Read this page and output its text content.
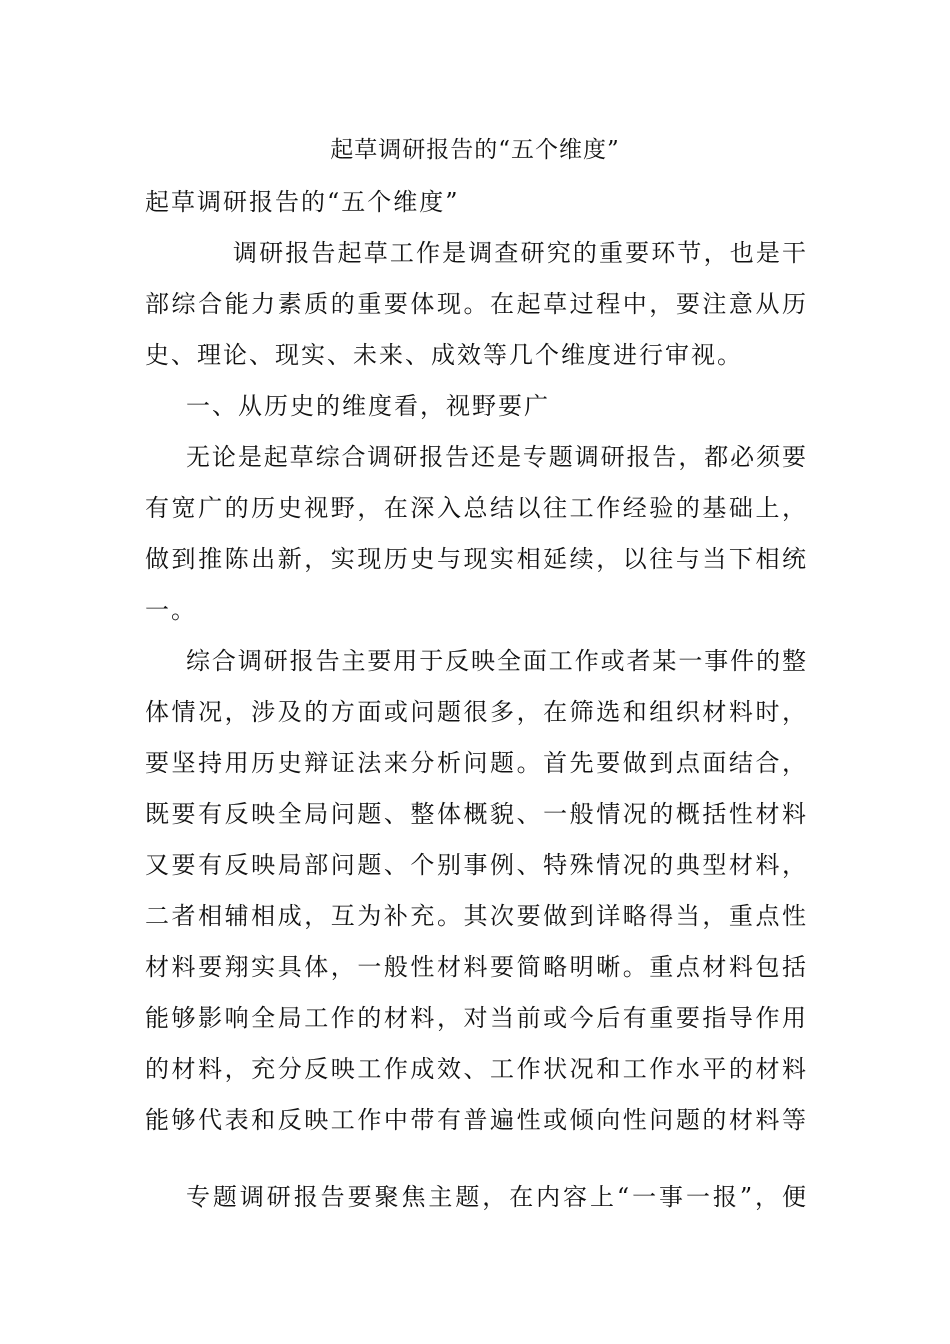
起草调研报告的“五个维度”
起草调研报告的“五个维度”
调研报告起草工作是调查研究的重要环节，也是干
部综合能力素质的重要体现。在起草过程中，要注意从历
史、理论、现实、未来、成效等几个维度进行审视。
一、从历史的维度看，视野要广
无论是起草综合调研报告还是专题调研报告，都必须要
有宽广的历史视野，在深入总结以往工作经验的基础上，
做到推陈出新，实现历史与现实相延续，以往与当下相统
一。
综合调研报告主要用于反映全面工作或者某一事件的整
体情况，涉及的方面或问题很多，在筛选和组织材料时，
要坚持用历史辩证法来分析问题。首先要做到点面结合，
既要有反映全局问题、整体概貌、一般情况的概括性材料
又要有反映局部问题、个别事例、特殊情况的典型材料，
二者相辅相成，互为补充。其次要做到详略得当，重点性
材料要翔实具体，一般性材料要简略明晰。重点材料包括
能够影响全局工作的材料，对当前或今后有重要指导作用
的材料，充分反映工作成效、工作状况和工作水平的材料
能够代表和反映工作中带有普遍性或倾向性问题的材料等
专题调研报告要聚焦主题，在内容上“一事一报”，便
